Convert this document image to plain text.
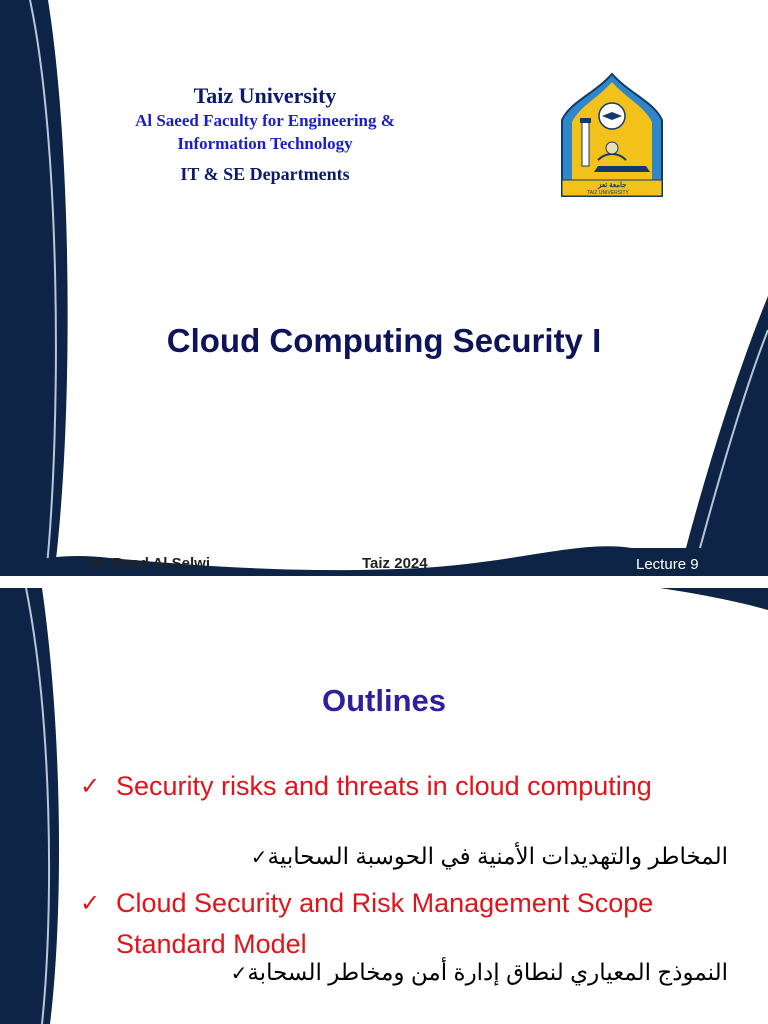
Taiz University
Al Saeed Faculty for Engineering &
Information Technology
IT & SE Departments
جامعة تعز
TAIZ UNIVERSITY
Cloud Computing Security I
Dr. Raad Al Selwi	Taiz 2024	Lecture 9
Outlines
✓ Security risks and threats in cloud computing
المخاطر والتهديدات الأمنية في الحوسبة السحابية✓
✓ Cloud Security and Risk Management Scope Standard Model
النموذج المعياري لنطاق إدارة أمن ومخاطر السحابة✓
